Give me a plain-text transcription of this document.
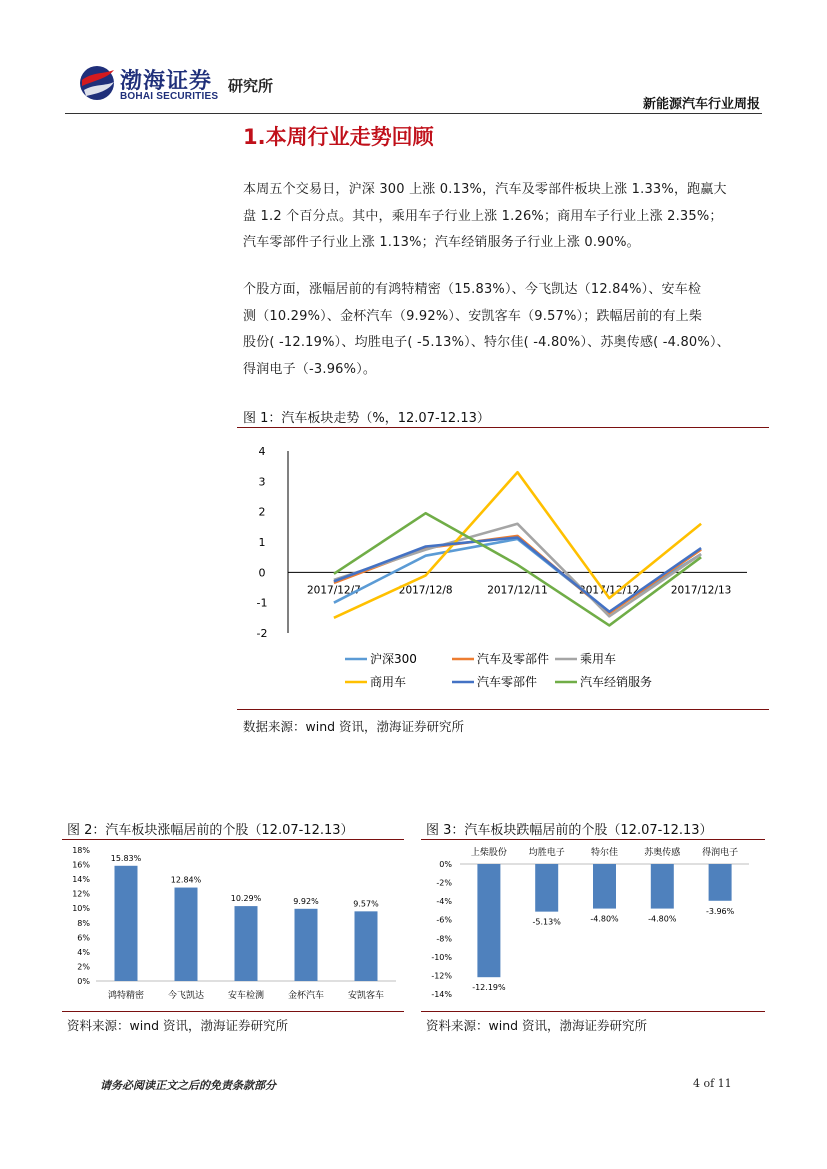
渤海证券
BOHAI SECURITIES
研究所
新能源汽车行业周报
1.本周行业走势回顾
本周五个交易日，沪深 300 上涨 0.13%，汽车及零部件板块上涨 1.33%，跑赢大
盘 1.2 个百分点。其中，乘用车子行业上涨 1.26%；商用车子行业上涨 2.35%；
汽车零部件子行业上涨 1.13%；汽车经销服务子行业上涨 0.90%。
个股方面，涨幅居前的有鸿特精密（15.83%）、今飞凯达（12.84%）、安车检
测（10.29%）、金杯汽车（9.92%）、安凯客车（9.57%）；跌幅居前的有上柴
股份( -12.19%）、均胜电子( -5.13%）、特尔佳( -4.80%）、苏奥传感( -4.80%）、
得润电子（-3.96%）。
图 1：汽车板块走势（%，12.07-12.13）
4
3
2
1
0
-1
-2
2017/12/7	2017/12/8	2017/12/11	2017/12/12	2017/12/13
沪深300	汽车及零部件	乘用车
商用车	汽车零部件	汽车经销服务
数据来源：wind 资讯，渤海证券研究所
图 2：汽车板块涨幅居前的个股（12.07-12.13）
18%
16%
14%
12%
10%
8%
6%
4%
2%
0%
15.83%
鸿特精密
12.84%
今飞凯达
10.29%
安车检测
9.92%
金杯汽车
9.57%
安凯客车
资料来源：wind 资讯，渤海证券研究所
图 3：汽车板块跌幅居前的个股（12.07-12.13）
0%
-2%
-4%
-6%
-8%
-10%
-12%
-14%
-12.19%
上柴股份
-5.13%
均胜电子
-4.80%
特尔佳
-4.80%
苏奥传感
-3.96%
得润电子
资料来源：wind 资讯，渤海证券研究所
请务必阅读正文之后的免责条款部分	4 of 11
